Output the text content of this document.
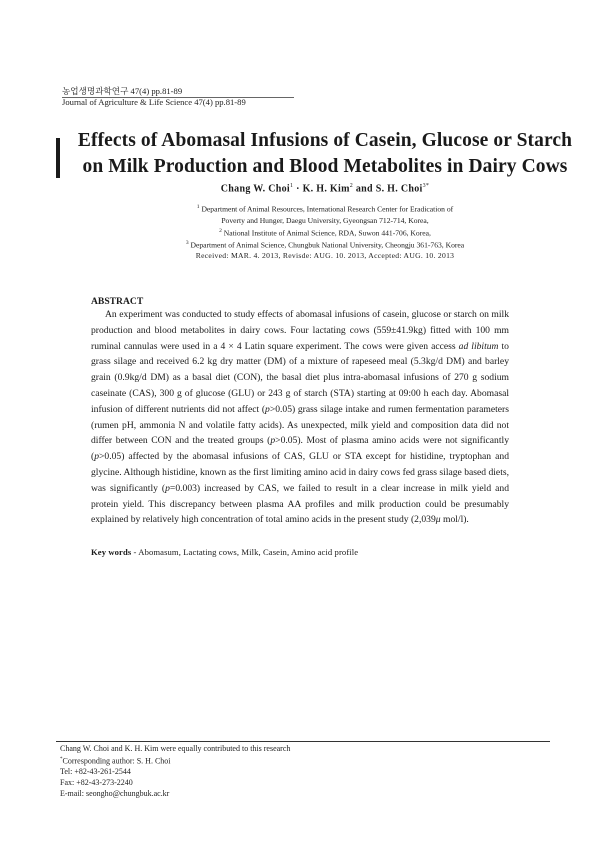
농업생명과학연구 47(4) pp.81-89
Journal of Agriculture & Life Science 47(4) pp.81-89
Effects of Abomasal Infusions of Casein, Glucose or Starch
on Milk Production and Blood Metabolites in Dairy Cows
Chang W. Choi$^1$ · K. H. Kim$^2$ and S. H. Choi$^{3*}$
$^1$ Department of Animal Resources, International Research Center for Eradication of
Poverty and Hunger, Daegu University, Gyeongsan 712-714, Korea,
$^2$ National Institute of Animal Science, RDA, Suwon 441-706, Korea,
$^3$ Department of Animal Science, Chungbuk National University, Cheongju 361-763, Korea
Received: MAR. 4. 2013, Revisde: AUG. 10. 2013, Accepted: AUG. 10. 2013
ABSTRACT

An experiment was conducted to study effects of abomasal infusions of casein, glucose or starch on milk production and blood metabolites in dairy cows. Four lactating cows (559±41.9kg) fitted with 100 mm ruminal cannulas were used in a 4 × 4 Latin square experiment. The cows were given access ad libitum to grass silage and received 6.2 kg dry matter (DM) of a mixture of rapeseed meal (5.3kg/d DM) and barley grain (0.9kg/d DM) as a basal diet (CON), the basal diet plus intra-abomasal infusions of 270 g sodium caseinate (CAS), 300 g of glucose (GLU) or 243 g of starch (STA) starting at 09:00 h each day. Abomasal infusion of different nutrients did not affect (p>0.05) grass silage intake and rumen fermentation parameters (rumen pH, ammonia N and volatile fatty acids). As unexpected, milk yield and composition data did not differ between CON and the treated groups (p>0.05). Most of plasma amino acids were not significantly (p>0.05) affected by the abomasal infusions of CAS, GLU or STA except for histidine, tryptophan and glycine. Although histidine, known as the first limiting amino acid in dairy cows fed grass silage based diets, was significantly (p=0.003) increased by CAS, we failed to result in a clear increase in milk yield and protein yield. This discrepancy between plasma AA profiles and milk production could be presumably explained by relatively high concentration of total amino acids in the present study (2,039μ mol/l).

Key words - Abomasum, Lactating cows, Milk, Casein, Amino acid profile
Chang W. Choi and K. H. Kim were equally contributed to this research
*Corresponding author: S. H. Choi
Tel: +82-43-261-2544
Fax: +82-43-273-2240
E-mail: seongho@chungbuk.ac.kr
